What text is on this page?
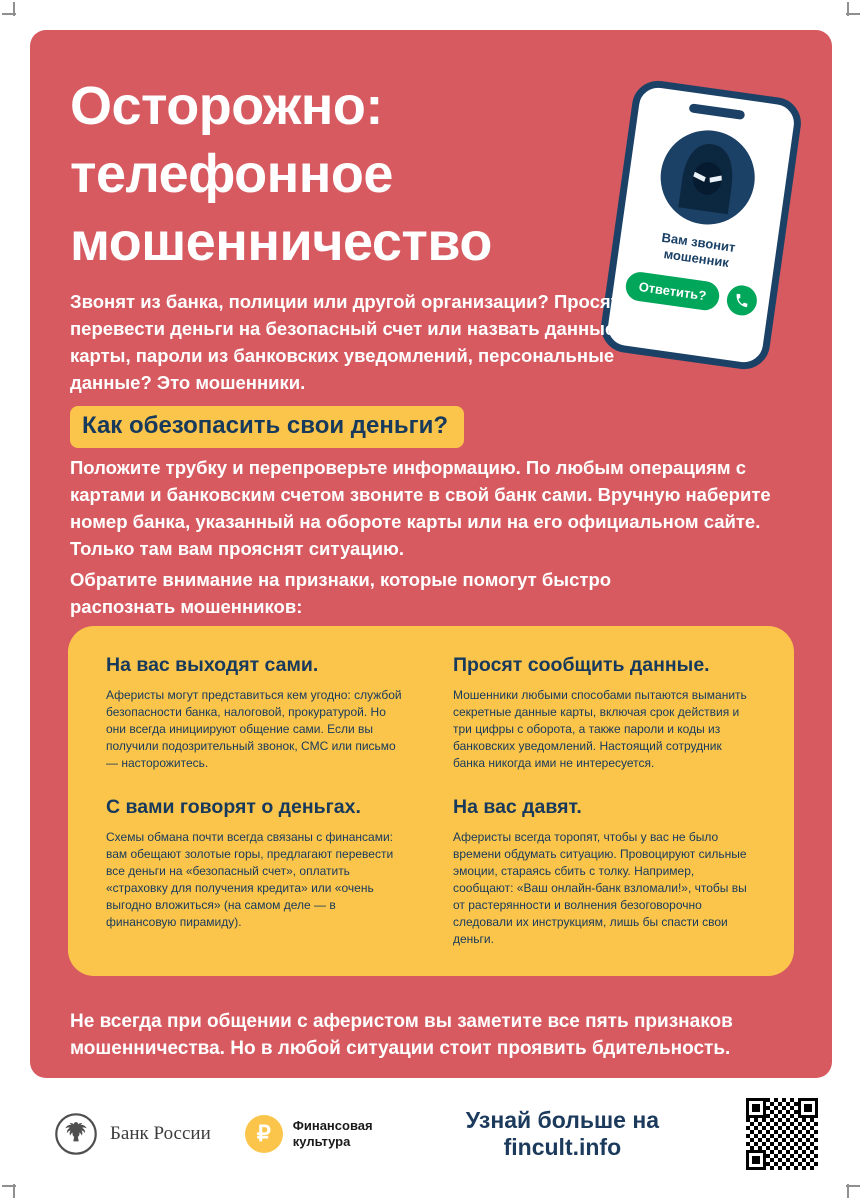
Осторожно:
телефонное
мошенничество	Вам звонит мошенник
Ответить?

Звонят из банка, полиции или другой организации? Просят перевести деньги на безопасный счет или назвать данные карты, пароли из банковских уведомлений, персональные данные? Это мошенники.

Как обезопасить свои деньги?

Положите трубку и перепроверьте информацию. По любым операциям с картами и банковским счетом звоните в свой банк сами. Вручную наберите номер банка, указанный на обороте карты или на его официальном сайте. Только там вам прояснят ситуацию.

Обратите внимание на признаки, которые помогут быстро распознать мошенников:

На вас выходят сами.

Аферисты могут представиться кем угодно: службой безопасности банка, налоговой, прокуратурой. Но они всегда инициируют общение сами. Если вы получили подозрительный звонок, СМС или письмо — насторожитесь.

Просят сообщить данные.

Мошенники любыми способами пытаются выманить секретные данные карты, включая срок действия и три цифры с оборота, а также пароли и коды из банковских уведомлений. Настоящий сотрудник банка никогда ими не интересуется.

С вами говорят о деньгах.

Схемы обмана почти всегда связаны с финансами: вам обещают золотые горы, предлагают перевести все деньги на «безопасный счет», оплатить «страховку для получения кредита» или «очень выгодно вложиться» (на самом деле — в финансовую пирамиду).

На вас давят.

Аферисты всегда торопят, чтобы у вас не было времени обдумать ситуацию. Провоцируют сильные эмоции, стараясь сбить с толку. Например, сообщают: «Ваш онлайн-банк взломали!», чтобы вы от растерянности и волнения безоговорочно следовали их инструкциям, лишь бы спасти свои деньги.

Не всегда при общении с аферистом вы заметите все пять признаков мошенничества. Но в любой ситуации стоит проявить бдительность.

Банк России	₽	Финансовая культура
Узнай больше на fincult.info
